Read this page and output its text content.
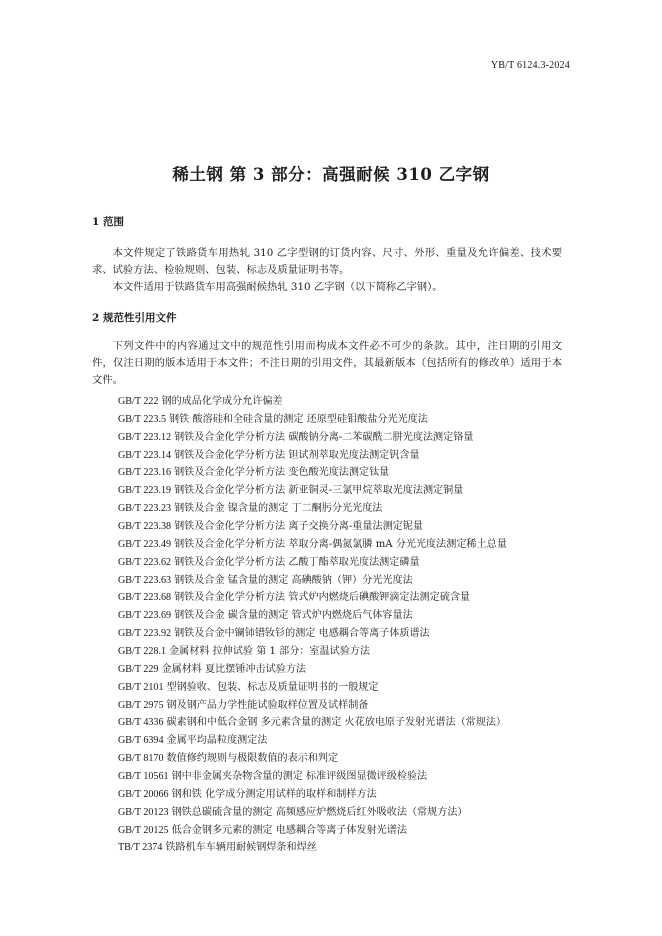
YB/T 6124.3-2024
稀土钢 第 3 部分：高强耐候 310 乙字钢
1 范围

本文件规定了铁路货车用热轧 310 乙字型钢的订货内容、尺寸、外形、重量及允许偏差、技术要求、试验方法、检验规则、包装、标志及质量证明书等。

本文件适用于铁路货车用高强耐候热轧 310 乙字钢（以下简称乙字钢）。

2 规范性引用文件

下列文件中的内容通过文中的规范性引用而构成本文件必不可少的条款。其中，注日期的引用文件，仅注日期的版本适用于本文件；不注日期的引用文件，其最新版本（包括所有的修改单）适用于本文件。

GB/T 222 钢的成品化学成分允许偏差
GB/T 223.5 钢铁 酸溶硅和全硅含量的测定 还原型硅钼酸盐分光光度法
GB/T 223.12 钢铁及合金化学分析方法 碳酸钠分离-二苯碳酰二肼光度法测定铬量
GB/T 223.14 钢铁及合金化学分析方法 钽试剂萃取光度法测定钒含量
GB/T 223.16 钢铁及合金化学分析方法 变色酸光度法测定钛量
GB/T 223.19 钢铁及合金化学分析方法 新亚铜灵-三氯甲烷萃取光度法测定铜量
GB/T 223.23 钢铁及合金 镍含量的测定 丁二酮肟分光光度法
GB/T 223.38 钢铁及合金化学分析方法 离子交换分离-重量法测定铌量
GB/T 223.49 钢铁及合金化学分析方法 萃取分离-偶氮氯膦 mA 分光光度法测定稀土总量
GB/T 223.62 钢铁及合金化学分析方法 乙酸丁酯萃取光度法测定磷量
GB/T 223.63 钢铁及合金 锰含量的测定 高碘酸钠（钾）分光光度法
GB/T 223.68 钢铁及合金化学分析方法 管式炉内燃烧后碘酸钾滴定法测定硫含量
GB/T 223.69 钢铁及合金 碳含量的测定 管式炉内燃烧后气体容量法
GB/T 223.92 钢铁及合金中镧铈镨钕钐的测定 电感耦合等离子体质谱法
GB/T 228.1 金属材料 拉伸试验 第 1 部分：室温试验方法
GB/T 229 金属材料 夏比摆锤冲击试验方法
GB/T 2101 型钢验收、包装、标志及质量证明书的一般规定
GB/T 2975 钢及钢产品力学性能试验取样位置及试样制备
GB/T 4336 碳素钢和中低合金钢 多元素含量的测定 火花放电原子发射光谱法（常规法）
GB/T 6394 金属平均晶粒度测定法
GB/T 8170 数值修约规则与极限数值的表示和判定
GB/T 10561 钢中非金属夹杂物含量的测定 标准评级图显微评级检验法
GB/T 20066 钢和铁 化学成分测定用试样的取样和制样方法
GB/T 20123 钢铁总碳硫含量的测定 高频感应炉燃烧后红外吸收法（常规方法）
GB/T 20125 低合金钢多元素的测定 电感耦合等离子体发射光谱法
TB/T 2374 铁路机车车辆用耐候钢焊条和焊丝
